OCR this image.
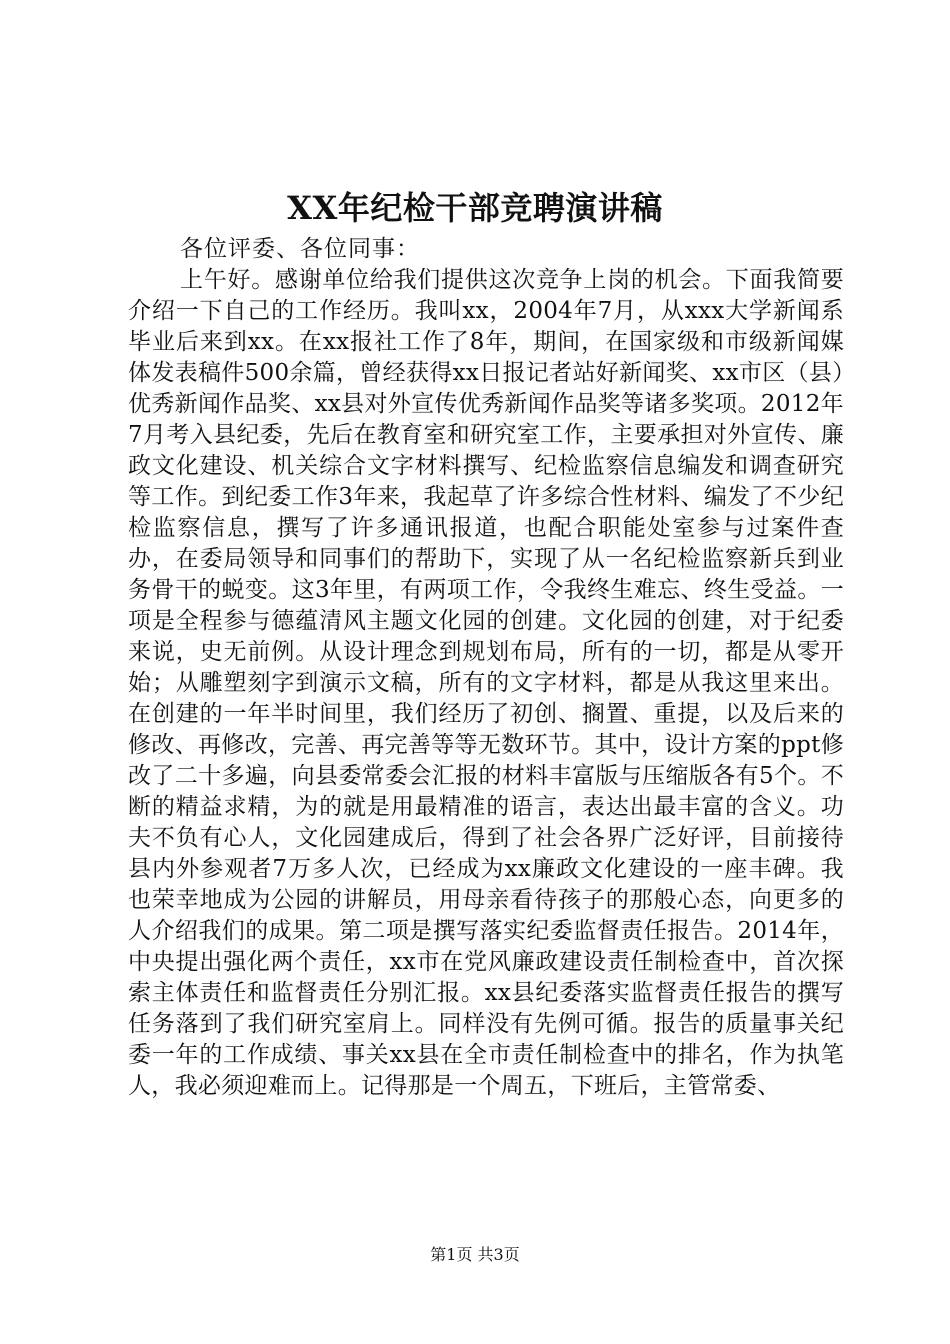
XX年纪检干部竞聘演讲稿
各位评委、各位同事：

上午好。感谢单位给我们提供这次竞争上岗的机会。下面我简要介绍一下自己的工作经历。我叫xx，2004年7月，从xxx大学新闻系毕业后来到xx。在xx报社工作了8年，期间，在国家级和市级新闻媒体发表稿件500余篇，曾经获得xx日报记者站好新闻奖、xx市区（县）优秀新闻作品奖、xx县对外宣传优秀新闻作品奖等诸多奖项。2012年7月考入县纪委，先后在教育室和研究室工作，主要承担对外宣传、廉政文化建设、机关综合文字材料撰写、纪检监察信息编发和调查研究等工作。到纪委工作3年来，我起草了许多综合性材料、编发了不少纪检监察信息，撰写了许多通讯报道，也配合职能处室参与过案件查办，在委局领导和同事们的帮助下，实现了从一名纪检监察新兵到业务骨干的蜕变。这3年里，有两项工作，令我终生难忘、终生受益。一项是全程参与德蕴清风主题文化园的创建。文化园的创建，对于纪委来说，史无前例。从设计理念到规划布局，所有的一切，都是从零开始；从雕塑刻字到演示文稿，所有的文字材料，都是从我这里来出。在创建的一年半时间里，我们经历了初创、搁置、重提，以及后来的修改、再修改，完善、再完善等等无数环节。其中，设计方案的ppt修改了二十多遍，向县委常委会汇报的材料丰富版与压缩版各有5个。不断的精益求精，为的就是用最精准的语言，表达出最丰富的含义。功夫不负有心人，文化园建成后，得到了社会各界广泛好评，目前接待县内外参观者7万多人次，已经成为xx廉政文化建设的一座丰碑。我也荣幸地成为公园的讲解员，用母亲看待孩子的那般心态，向更多的人介绍我们的成果。第二项是撰写落实纪委监督责任报告。2014年，中央提出强化两个责任，xx市在党风廉政建设责任制检查中，首次探索主体责任和监督责任分别汇报。xx县纪委落实监督责任报告的撰写任务落到了我们研究室肩上。同样没有先例可循。报告的质量事关纪委一年的工作成绩、事关xx县在全市责任制检查中的排名，作为执笔人，我必须迎难而上。记得那是一个周五，下班后，主管常委、

第1页 共3页
